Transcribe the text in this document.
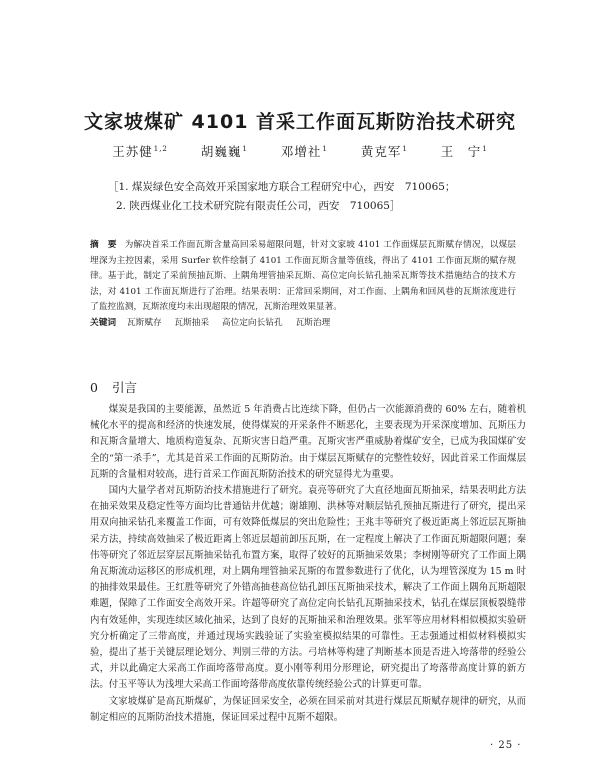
文家坡煤矿 4101 首采工作面瓦斯防治技术研究
王苏健$^{1,2}$	胡巍巍$^1$	邓增社$^1$	黄克军$^1$	王　宁$^1$
［1. 煤炭绿色安全高效开采国家地方联合工程研究中心，西安　710065；
2. 陕西煤业化工技术研究院有限责任公司，西安　710065］
摘　要 为解决首采工作面瓦斯含量高回采易超限问题，针对文家坡 4101 工作面煤层瓦斯赋存情况，以煤层埋深为主控因素，采用 Surfer 软件绘制了 4101 工作面瓦斯含量等值线，得出了 4101 工作面瓦斯的赋存规律。基于此，制定了采前预抽瓦斯、上隅角埋管抽采瓦斯、高位定向长钻孔抽采瓦斯等技术措施结合的技术方法，对 4101 工作面瓦斯进行了治理。结果表明：正常回采期间，对工作面、上隅角和回风巷的瓦斯浓度进行了监控监测，瓦斯浓度均未出现超限的情况，瓦斯治理效果显著。
关键词 瓦斯赋存 瓦斯抽采 高位定向长钻孔 瓦斯治理
0 引言

煤炭是我国的主要能源，虽然近 5 年消费占比连续下降，但仍占一次能源消费的 60% 左右，随着机械化水平的提高和经济的快速发展，使得煤炭的开采条件不断恶化，主要表现为开采深度增加、瓦斯压力和瓦斯含量增大、地质构造复杂、瓦斯灾害日趋严重。瓦斯灾害严重威胁着煤矿安全，已成为我国煤矿安全的“第一杀手”，尤其是首采工作面的瓦斯防治。由于煤层瓦斯赋存的完整性较好，因此首采工作面煤层瓦斯的含量相对较高，进行首采工作面瓦斯防治技术的研究显得尤为重要。

国内大量学者对瓦斯防治技术措施进行了研究。袁亮等研究了大直径地面瓦斯抽采，结果表明此方法在抽采效果及稳定性等方面均比普通钻井优越；谢雄刚、洪林等对顺层钻孔预抽瓦斯进行了研究，提出采用双向抽采钻孔来覆盖工作面，可有效降低煤层的突出危险性；王兆丰等研究了极近距离上邻近层瓦斯抽采方法，持续高效抽采了极近距离上邻近层超前卸压瓦斯，在一定程度上解决了工作面瓦斯超限问题；秦伟等研究了邻近层穿层瓦斯抽采钻孔布置方案，取得了较好的瓦斯抽采效果；李树刚等研究了工作面上隅角瓦斯流动运移区的形成机理，对上隅角埋管抽采瓦斯的布置参数进行了优化，认为埋管深度为 15 m 时的抽排效果最佳。王红胜等研究了外错高抽巷高位钻孔卸压瓦斯抽采技术，解决了工作面上隅角瓦斯超限难题，保障了工作面安全高效开采。许超等研究了高位定向长钻孔瓦斯抽采技术，钻孔在煤层顶板裂缝带内有效延伸，实现连续区域化抽采，达到了良好的瓦斯抽采和治理效果。张军等应用材料相似模拟实验研究分析确定了三带高度，并通过现场实践验证了实验室模拟结果的可靠性。王志强通过相似材料模拟实验，提出了基于关键层理论划分、判别三带的方法。弓培林等构建了判断基本顶是否进入垮落带的经验公式，并以此确定大采高工作面垮落带高度。夏小刚等利用分形理论，研究提出了垮落带高度计算的新方法。付玉平等认为浅埋大采高工作面垮落带高度依靠传统经验公式的计算更可靠。

文家坡煤矿是高瓦斯煤矿，为保证回采安全，必须在回采前对其进行煤层瓦斯赋存规律的研究，从而制定相应的瓦斯防治技术措施，保证回采过程中瓦斯不超限。

· 25 ·
